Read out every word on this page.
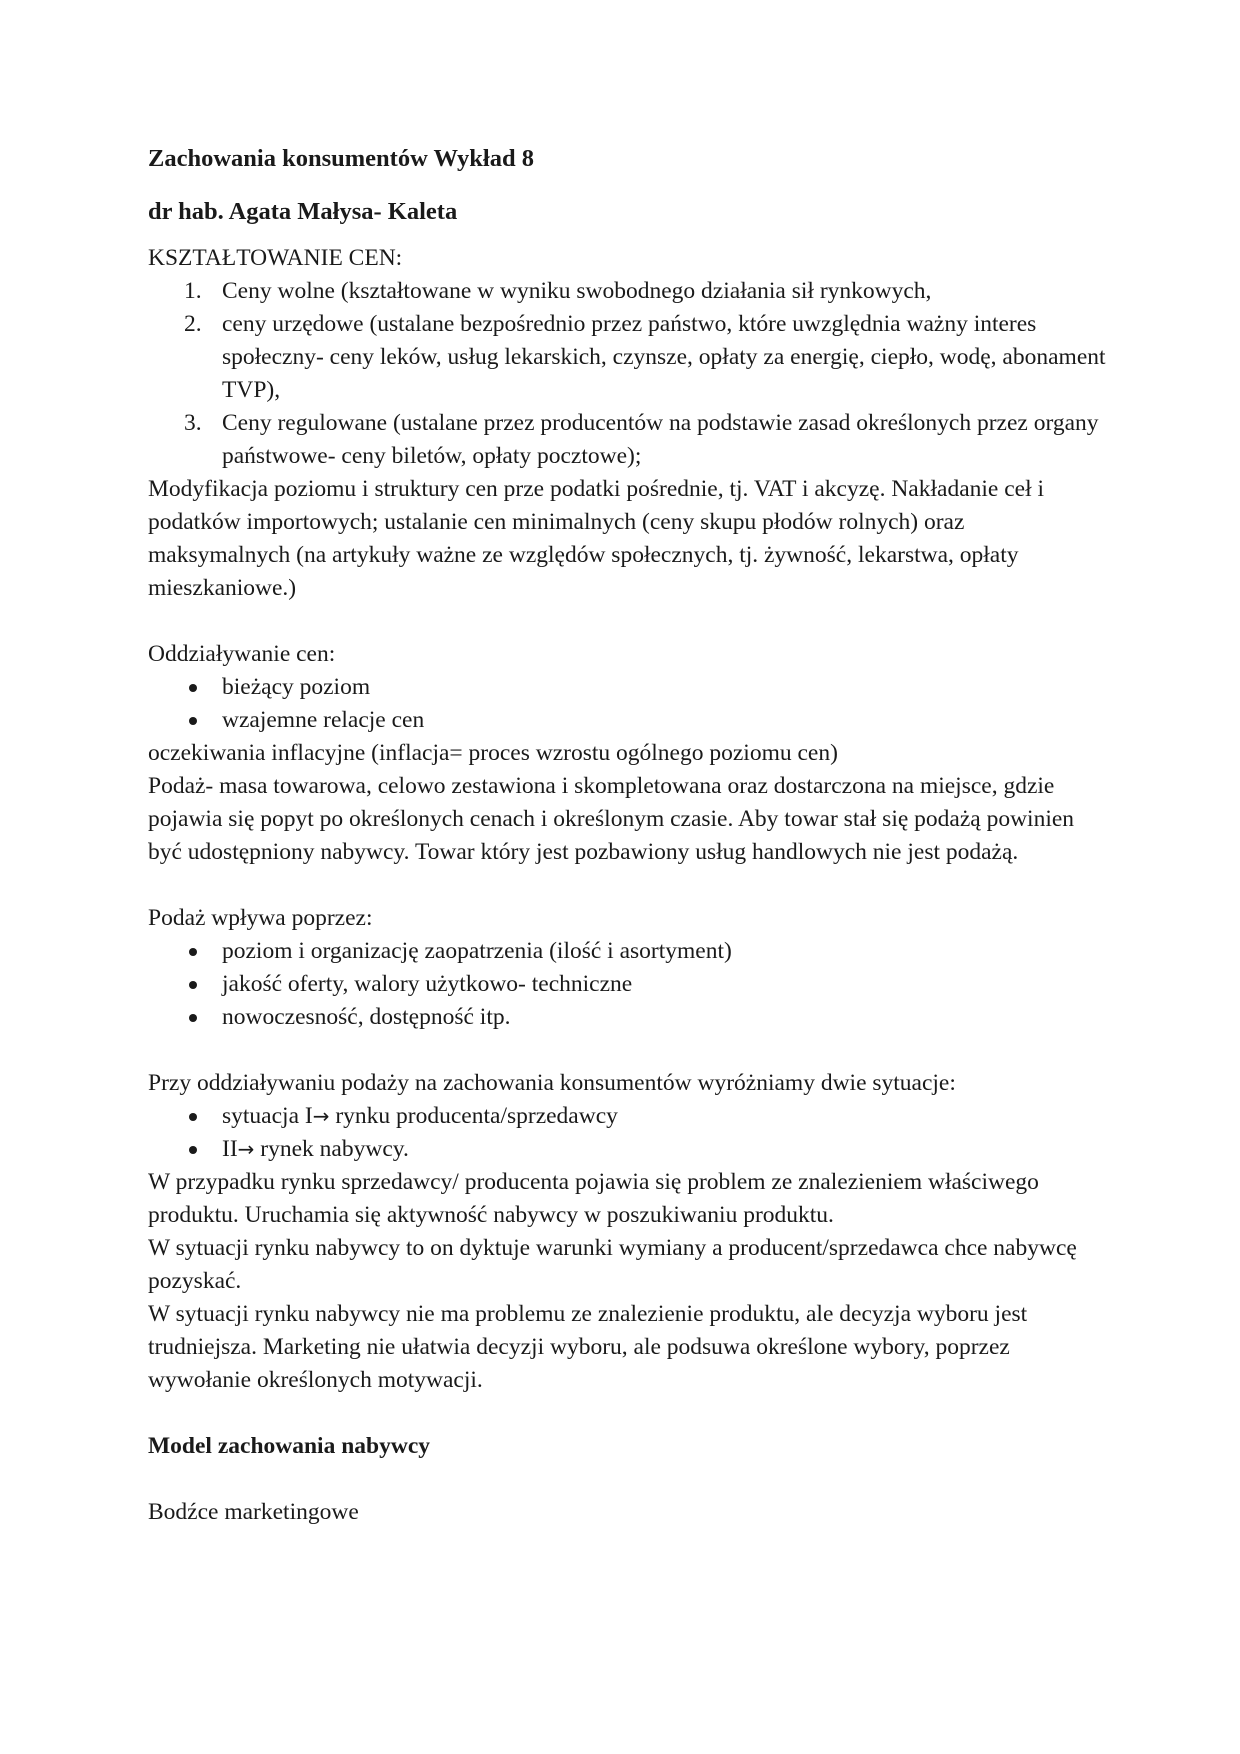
Zachowania konsumentów Wykład 8

dr hab. Agata Małysa- Kaleta

KSZTAŁTOWANIE CEN:

1. Ceny wolne (kształtowane w wyniku swobodnego działania sił rynkowych,
2. ceny urzędowe (ustalane bezpośrednio przez państwo, które uwzględnia ważny interes społeczny- ceny leków, usług lekarskich, czynsze, opłaty za energię, ciepło, wodę, abonament TVP),
3. Ceny regulowane (ustalane przez producentów na podstawie zasad określonych przez organy państwowe- ceny biletów, opłaty pocztowe);

Modyfikacja poziomu i struktury cen prze podatki pośrednie, tj. VAT i akcyzę. Nakładanie ceł i podatków importowych; ustalanie cen minimalnych (ceny skupu płodów rolnych) oraz maksymalnych (na artykuły ważne ze względów społecznych, tj. żywność, lekarstwa, opłaty mieszkaniowe.)

Oddziaływanie cen:

bieżący poziom
wzajemne relacje cen

oczekiwania inflacyjne (inflacja= proces wzrostu ogólnego poziomu cen)

Podaż- masa towarowa, celowo zestawiona i skompletowana oraz dostarczona na miejsce, gdzie pojawia się popyt po określonych cenach i określonym czasie. Aby towar stał się podażą powinien być udostępniony nabywcy. Towar który jest pozbawiony usług handlowych nie jest podażą.

Podaż wpływa poprzez:

poziom i organizację zaopatrzenia (ilość i asortyment)
jakość oferty, walory użytkowo- techniczne
nowoczesność, dostępność itp.

Przy oddziaływaniu podaży na zachowania konsumentów wyróżniamy dwie sytuacje:

sytuacja I→ rynku producenta/sprzedawcy
II→ rynek nabywcy.

W przypadku rynku sprzedawcy/ producenta pojawia się problem ze znalezieniem właściwego produktu. Uruchamia się aktywność nabywcy w poszukiwaniu produktu.

W sytuacji rynku nabywcy to on dyktuje warunki wymiany a producent/sprzedawca chce nabywcę pozyskać.

W sytuacji rynku nabywcy nie ma problemu ze znalezienie produktu, ale decyzja wyboru jest trudniejsza. Marketing nie ułatwia decyzji wyboru, ale podsuwa określone wybory, poprzez wywołanie określonych motywacji.

Model zachowania nabywcy

Bodźce marketingowe
